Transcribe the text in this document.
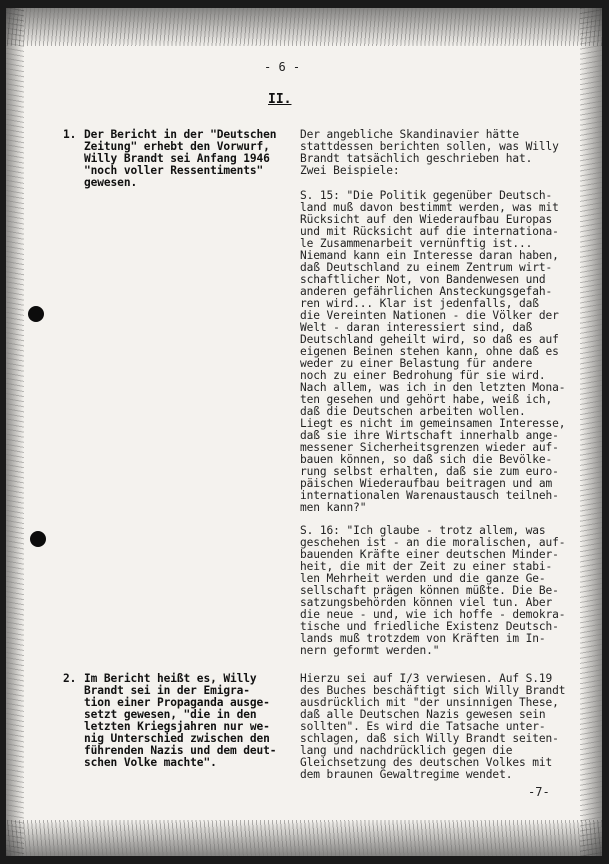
- 6 -
II.
1. Der Bericht in der "Deutschen
Zeitung" erhebt den Vorwurf,
Willy Brandt sei Anfang 1946
"noch voller Ressentiments"
gewesen.
Der angebliche Skandinavier hätte
stattdessen berichten sollen, was Willy
Brandt tatsächlich geschrieben hat.
Zwei Beispiele:
S. 15: "Die Politik gegenüber Deutsch-
land muß davon bestimmt werden, was mit
Rücksicht auf den Wiederaufbau Europas
und mit Rücksicht auf die internationa-
le Zusammenarbeit vernünftig ist...
Niemand kann ein Interesse daran haben,
daß Deutschland zu einem Zentrum wirt-
schaftlicher Not, von Bandenwesen und
anderen gefährlichen Ansteckungsgefah-
ren wird... Klar ist jedenfalls, daß
die Vereinten Nationen - die Völker der
Welt - daran interessiert sind, daß
Deutschland geheilt wird, so daß es auf
eigenen Beinen stehen kann, ohne daß es
weder zu einer Belastung für andere
noch zu einer Bedrohung für sie wird.
Nach allem, was ich in den letzten Mona-
ten gesehen und gehört habe, weiß ich,
daß die Deutschen arbeiten wollen.
Liegt es nicht im gemeinsamen Interesse,
daß sie ihre Wirtschaft innerhalb ange-
messener Sicherheitsgrenzen wieder auf-
bauen können, so daß sich die Bevölke-
rung selbst erhalten, daß sie zum euro-
päischen Wiederaufbau beitragen und am
internationalen Warenaustausch teilneh-
men kann?"
S. 16: "Ich glaube - trotz allem, was
geschehen ist - an die moralischen, auf-
bauenden Kräfte einer deutschen Minder-
heit, die mit der Zeit zu einer stabi-
len Mehrheit werden und die ganze Ge-
sellschaft prägen können müßte. Die Be-
satzungsbehörden können viel tun. Aber
die neue - und, wie ich hoffe - demokra-
tische und friedliche Existenz Deutsch-
lands muß trotzdem von Kräften im In-
nern geformt werden."
2. Im Bericht heißt es, Willy
Brandt sei in der Emigra-
tion einer Propaganda ausge-
setzt gewesen, "die in den
letzten Kriegsjahren nur we-
nig Unterschied zwischen den
führenden Nazis und dem deut-
schen Volke machte".
Hierzu sei auf I/3 verwiesen. Auf S.19
des Buches beschäftigt sich Willy Brandt
ausdrücklich mit "der unsinnigen These,
daß alle Deutschen Nazis gewesen sein
sollten". Es wird die Tatsache unter-
schlagen, daß sich Willy Brandt seiten-
lang und nachdrücklich gegen die
Gleichsetzung des deutschen Volkes mit
dem braunen Gewaltregime wendet.
-7-
